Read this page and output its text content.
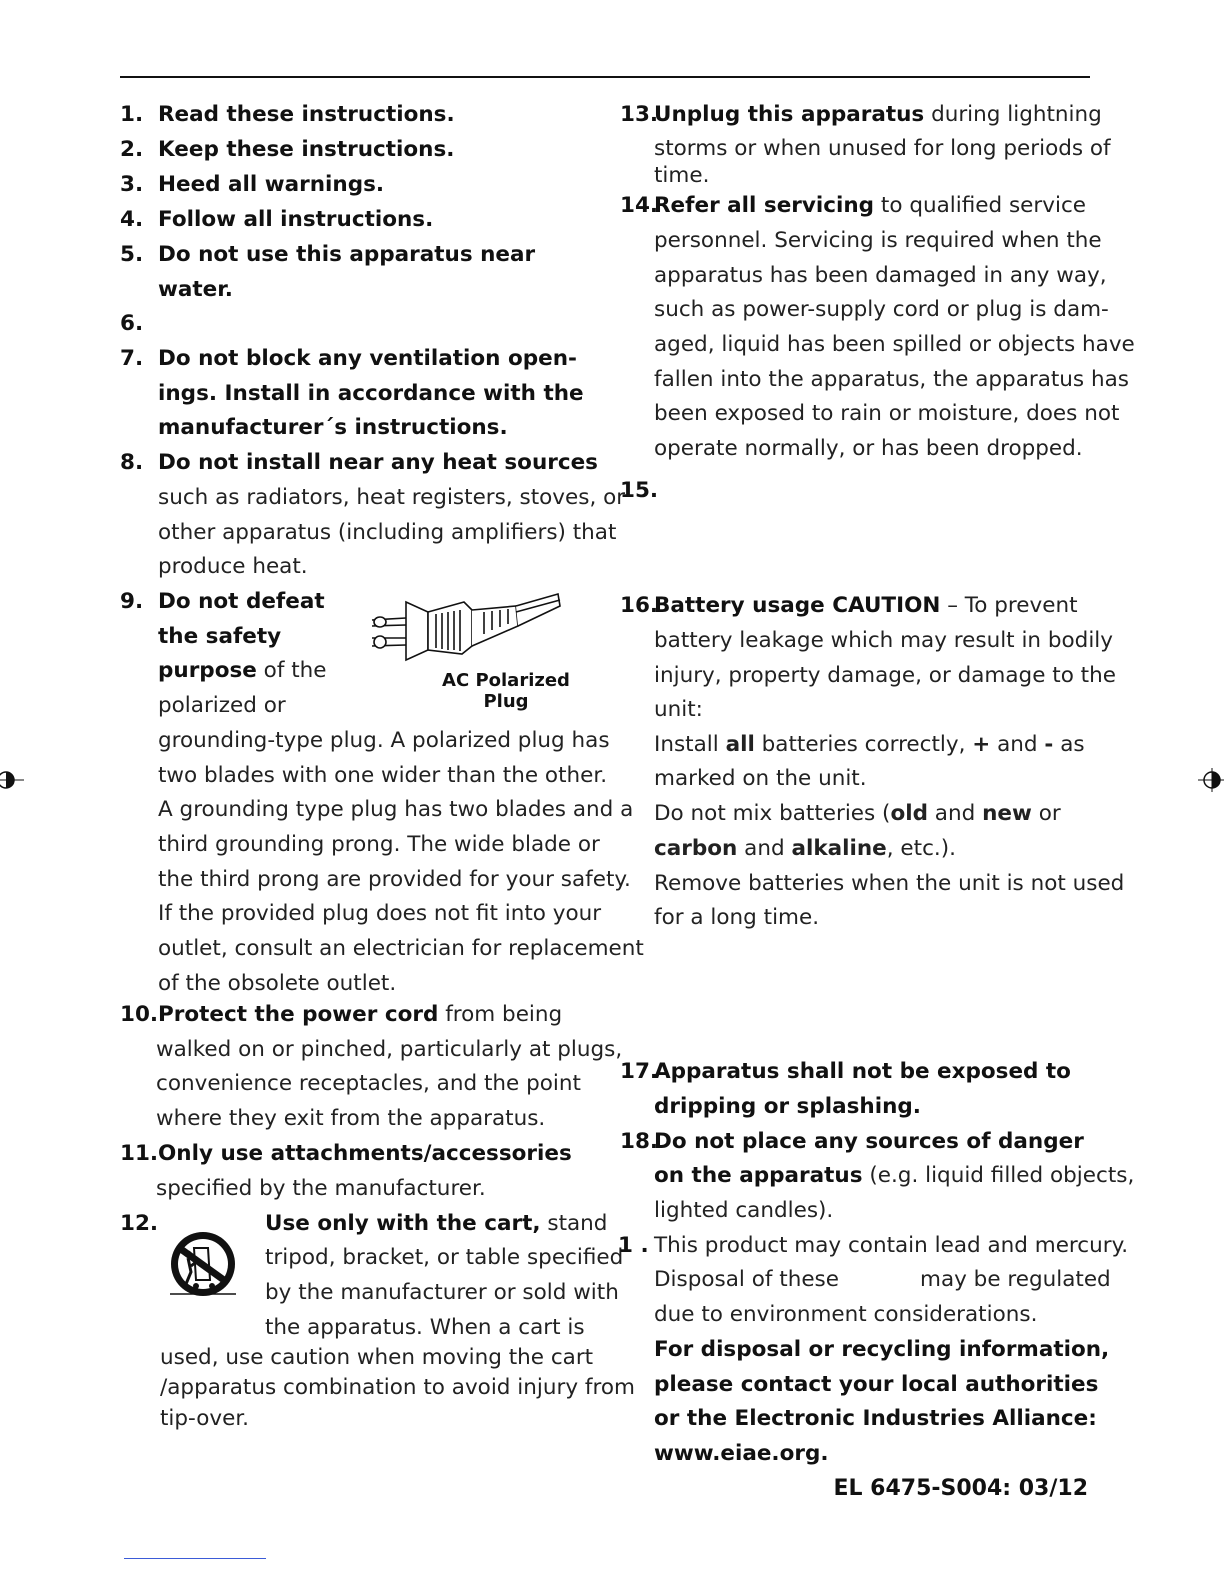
1. Read these instructions.
2. Keep these instructions.
3. Heed all warnings.
4. Follow all instructions.
5. Do not use this apparatus near
water.
6.
7. Do not block any ventilation open-
ings. Install in accordance with the
manufacturer´s instructions.
8. Do not install near any heat sources
such as radiators, heat registers, stoves, or
other apparatus (including amplifiers) that
produce heat.
9. Do not defeat
the safety
purpose of the
polarized or
grounding-type plug. A polarized plug has
two blades with one wider than the other.
A grounding type plug has two blades and a
third grounding prong. The wide blade or
the third prong are provided for your safety.
If the provided plug does not fit into your
outlet, consult an electrician for replacement
of the obsolete outlet.
AC Polarized
Plug
10. Protect the power cord from being
walked on or pinched, particularly at plugs,
convenience receptacles, and the point
where they exit from the apparatus.
11. Only use attachments/accessories
specified by the manufacturer.
12.	Use only with the cart, stand
tripod, bracket, or table specified
by the manufacturer or sold with
the apparatus. When a cart is
used, use caution when moving the cart
/apparatus combination to avoid injury from
tip-over.
13.
Unplug this apparatus during lightning
storms or when unused for long periods of
time.
14.
Refer all servicing to qualified service
personnel. Servicing is required when the
apparatus has been damaged in any way,
such as power-supply cord or plug is dam-
aged, liquid has been spilled or objects have
fallen into the apparatus, the apparatus has
been exposed to rain or moisture, does not
operate normally, or has been dropped.
15.
16.
Battery usage CAUTION – To prevent
battery leakage which may result in bodily
injury, property damage, or damage to the
unit:
Install all batteries correctly, + and - as
marked on the unit.
Do not mix batteries (old and new or
carbon and alkaline, etc.).
Remove batteries when the unit is not used
for a long time.
17.
Apparatus shall not be exposed to
dripping or splashing.
18.
Do not place any sources of danger
on the apparatus (e.g. liquid filled objects,
lighted candles).
1 . This product may contain lead and mercury.
Disposal of these	may be regulated
due to environment considerations.
For disposal or recycling information,
please contact your local authorities
or the Electronic Industries Alliance:
www.eiae.org.
EL 6475-S004: 03/12
